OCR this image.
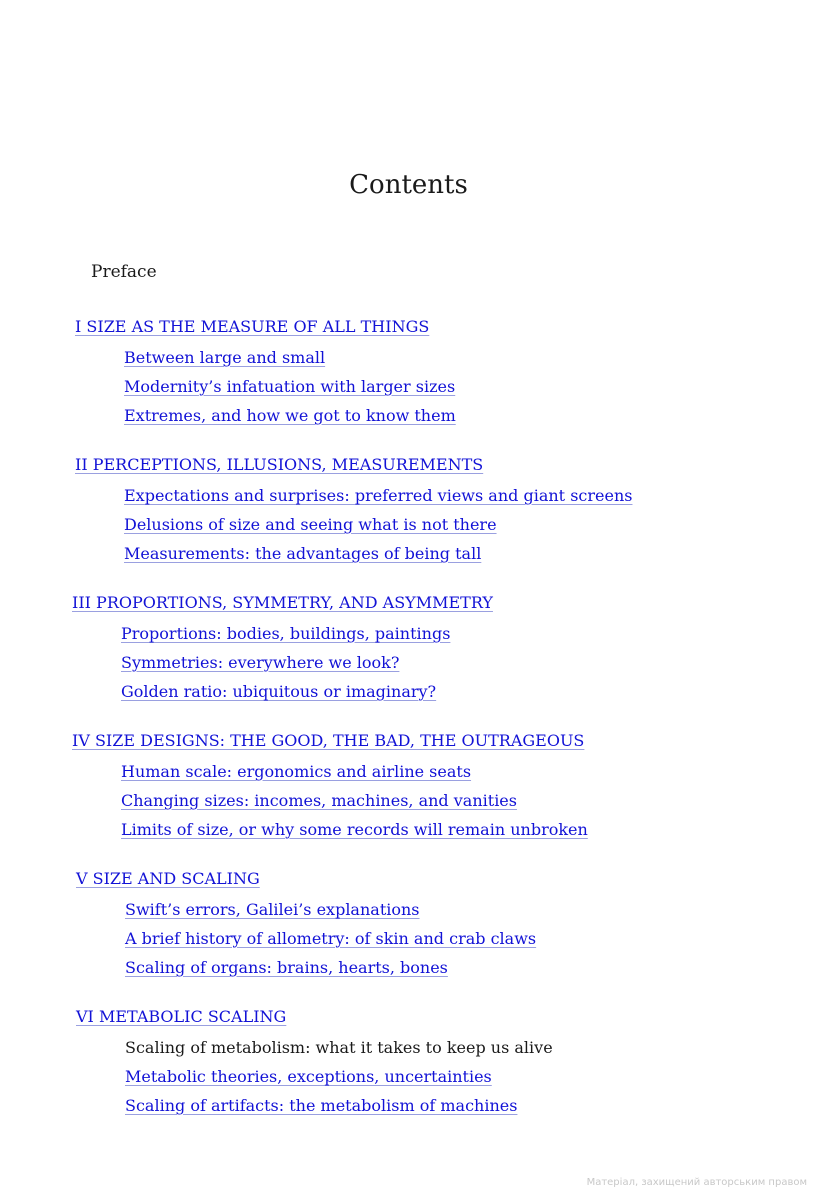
Contents
Preface
I SIZE AS THE MEASURE OF ALL THINGS
Between large and small
Modernity’s infatuation with larger sizes
Extremes, and how we got to know them
II PERCEPTIONS, ILLUSIONS, MEASUREMENTS
Expectations and surprises: preferred views and giant screens
Delusions of size and seeing what is not there
Measurements: the advantages of being tall
III PROPORTIONS, SYMMETRY, AND ASYMMETRY
Proportions: bodies, buildings, paintings
Symmetries: everywhere we look?
Golden ratio: ubiquitous or imaginary?
IV SIZE DESIGNS: THE GOOD, THE BAD, THE OUTRAGEOUS
Human scale: ergonomics and airline seats
Changing sizes: incomes, machines, and vanities
Limits of size, or why some records will remain unbroken
V SIZE AND SCALING
Swift’s errors, Galilei’s explanations
A brief history of allometry: of skin and crab claws
Scaling of organs: brains, hearts, bones
VI METABOLIC SCALING
Scaling of metabolism: what it takes to keep us alive
Metabolic theories, exceptions, uncertainties
Scaling of artifacts: the metabolism of machines
Матеріал, захищений авторським правом
